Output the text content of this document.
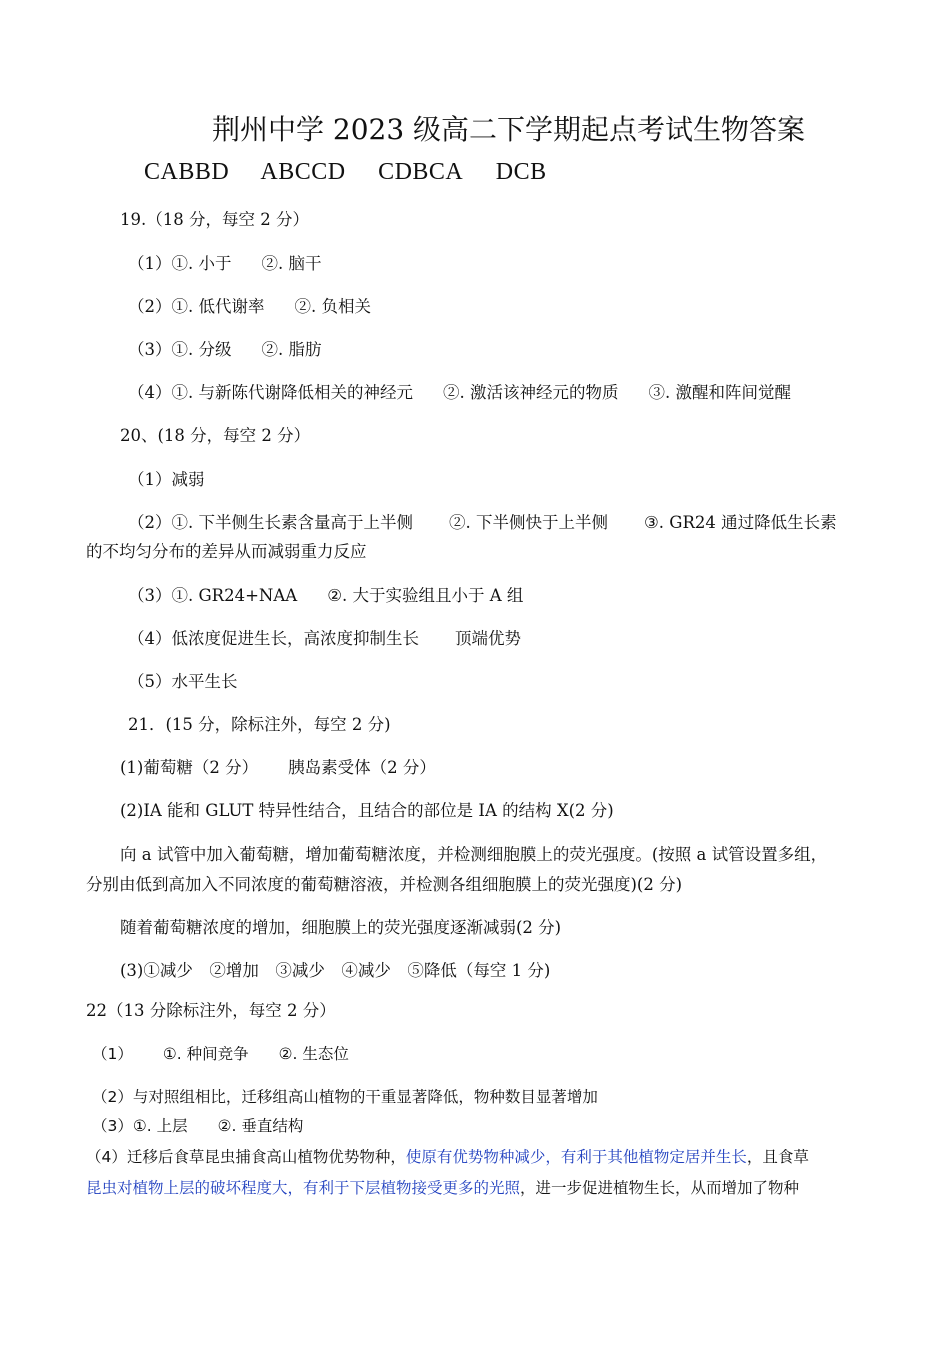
荆州中学 2023 级高二下学期起点考试生物答案
CABBD ABCCD CDBCA DCB
19.（18 分，每空 2 分）
（1）①. 小于 ②. 脑干
（2）①. 低代谢率 ②. 负相关
（3）①. 分级 ②. 脂肪
（4）①. 与新陈代谢降低相关的神经元 ②. 激活该神经元的物质 ③. 激醒和阵间觉醒
20、(18 分，每空 2 分）
（1）减弱
（2）①. 下半侧生长素含量高于上半侧 ②. 下半侧快于上半侧 ③. GR24 通过降低生长素
的不均匀分布的差异从而减弱重力反应
（3）①. GR24+NAA ②. 大于实验组且小于 A 组
（4）低浓度促进生长，高浓度抑制生长 顶端优势
（5）水平生长
21．(15 分，除标注外，每空 2 分)
(1)葡萄糖（2 分） 胰岛素受体（2 分）
(2)IA 能和 GLUT 特异性结合，且结合的部位是 IA 的结构 X(2 分)
向 a 试管中加入葡萄糖，增加葡萄糖浓度，并检测细胞膜上的荧光强度。(按照 a 试管设置多组，
分别由低到高加入不同浓度的葡萄糖溶液，并检测各组细胞膜上的荧光强度)(2 分)
随着葡萄糖浓度的增加，细胞膜上的荧光强度逐渐减弱(2 分)
(3)①减少　②增加　③减少　④减少　⑤降低（每空 1 分)
22（13 分除标注外，每空 2 分）
（1） ①. 种间竞争 ②. 生态位
（2）与对照组相比，迁移组高山植物的干重显著降低，物种数目显著增加
（3）①. 上层 ②. 垂直结构
（4）迁移后食草昆虫捕食高山植物优势物种，使原有优势物种减少，有利于其他植物定居并生长，且食草
昆虫对植物上层的破坏程度大，有利于下层植物接受更多的光照，进一步促进植物生长，从而增加了物种
